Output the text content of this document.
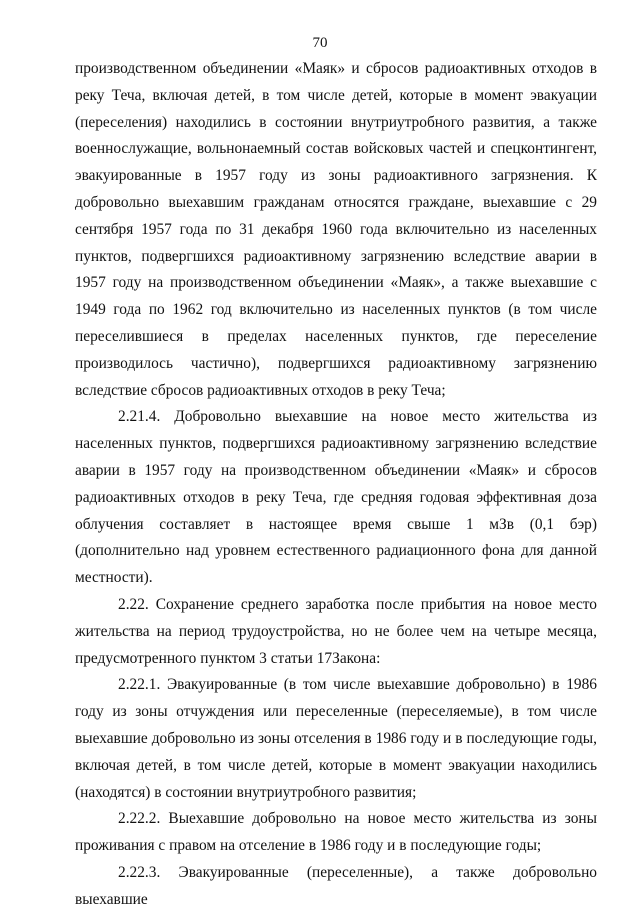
70

производственном объединении «Маяк» и сбросов радиоактивных отходов в реку Теча, включая детей, в том числе детей, которые в момент эвакуации (переселения) находились в состоянии внутриутробного развития, а также военнослужащие, вольнонаемный состав войсковых частей и спецконтингент, эвакуированные в 1957 году из зоны радиоактивного загрязнения. К добровольно выехавшим гражданам относятся граждане, выехавшие с 29 сентября 1957 года по 31 декабря 1960 года включительно из населенных пунктов, подвергшихся радиоактивному загрязнению вследствие аварии в 1957 году на производственном объединении «Маяк», а также выехавшие с 1949 года по 1962 год включительно из населенных пунктов (в том числе переселившиеся в пределах населенных пунктов, где переселение производилось частично), подвергшихся радиоактивному загрязнению вследствие сбросов радиоактивных отходов в реку Теча;

2.21.4. Добровольно выехавшие на новое место жительства из населенных пунктов, подвергшихся радиоактивному загрязнению вследствие аварии в 1957 году на производственном объединении «Маяк» и сбросов радиоактивных отходов в реку Теча, где средняя годовая эффективная доза облучения составляет в настоящее время свыше 1 мЗв (0,1 бэр) (дополнительно над уровнем естественного радиационного фона для данной местности).

2.22. Сохранение среднего заработка после прибытия на новое место жительства на период трудоустройства, но не более чем на четыре месяца, предусмотренного пунктом 3 статьи 17Закона:

2.22.1. Эвакуированные (в том числе выехавшие добровольно) в 1986 году из зоны отчуждения или переселенные (переселяемые), в том числе выехавшие добровольно из зоны отселения в 1986 году и в последующие годы, включая детей, в том числе детей, которые в момент эвакуации находились (находятся) в состоянии внутриутробного развития;

2.22.2. Выехавшие добровольно на новое место жительства из зоны проживания с правом на отселение в 1986 году и в последующие годы;

2.22.3. Эвакуированные (переселенные), а также добровольно выехавшие
